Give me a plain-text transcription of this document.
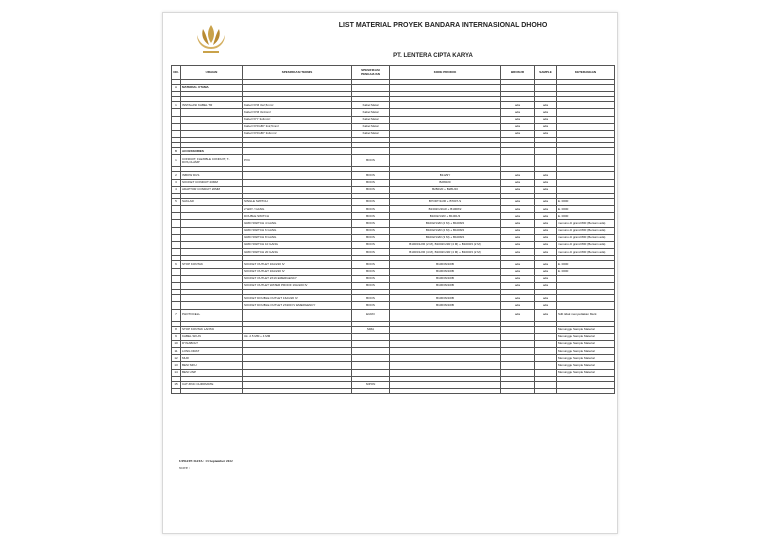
LIST MATERIAL PROYEK BANDARA INTERNASIONAL DHOHO
PT. LENTERA CIPTA KARYA
NO.	URAIAN	SPESIFIKASI TEKNIS	SPESIFIKASI PENGAJUAN	KODE PRODUK	BROSUR	SAMPLE	KETERANGAN

A	MATERIAL UTAMA						

1	INSTALASI KABEL TR	Kabel NYM 3x2,5mm²	Kabel Metal		ada	ada	
		Kabel NYM 3x4mm²	Kabel Metal		ada	ada	
		Kabel NYY 3x4mm²	Kabel Metal		ada	ada	
		Kabel NYFGBY 3x2,5mm²	Kabel Metal		ada	ada	
		Kabel NYFGBY 3x4mm²	Kabel Metal		ada	ada	

B	ACCESSORIES						
1	CONDUIT, FLEXIBLE CONDUIT, T-DOS,CLAMP	PVC	BOOS				

2	INBOW DUS		BOOS	B1129Y	ada	ada	
3	SOCKET CONDUIT 20MM		BOOS	B280/20	ada	ada	
4	ADAPTOR CONDUIT 20MM		BOOS	B280/20 + B281/20	ada	ada	

5	SAKLAR	SINGLE SWITCH	BOOS	B7ODT/1/2R + B7007-S	ada	ada	E. 0000
		2 WAY / GANG	BOOS	B1302/1/2GR + B1008/2	ada	ada	E. 0000
		DOUBLE SWITCH	BOOS	B1002/1/2R + B1001/3	ada	ada	E. 0000
		GRID SWITCH 4 GANG	BOOS	B1002/1/2R (2 M) + B1008/2	ada	ada	menunu di grand 800 (Bersam ada)
		GRID SWITCH 6 GANG	BOOS	B1002/1/2R (2 M) + B1008/2	ada	ada	menunu di grand 800 (Bersam ada)
		GRID SWITCH 8 GANG	BOOS	B1002/1/2R (3 M) + B1008/4	ada	ada	menunu di grand 800 (Bersam ada)
		GRID SWITCH 10 GANG	BOOS	B1003/1/2R (2 M), B1002/1/2R (4 M) + B1000/3 (2 M)	ada	ada	menunu di grand 800 (Bersam ada)
		GRID SWITCH 20 GANG	BOOS	B1003/1/2R (4 M), B1002/1/2R (4 M) + B1000/3 (2 M)	ada	ada	menunu di grand 800 (Bersam ada)

6	STOP KONTAK	SOCKET OUTLET 16A/220 IV	BOOS	B1063N/16IB	ada	ada	E. 0000
		SOCKET OUTLET 16A/220 IV	BOOS	B1063N/16IB	ada	ada	E. 0000
		SOCKET OUTLET 2X16 EMERGENCY	BOOS	B1063N/16IB	ada	ada	
		SOCKET OUTLET WATER PROOF 16A/220 IV	BOOS	B1063N/16IB	ada	ada	

		SOCKET DOUBLE OUTLET 16A/220 IV	BOOS	B1063N/16IB	ada	ada	
		SOCKET DOUBLE OUTLET 2X200 IV EMERGENCY	BOOS	B1063N/16IB	ada	ada	
7	PHOTOCELL		EURO		ada	ada	Sdlt tidak menyediakan Merk

8	STOP KONTAK LANTAI		SIMA				Menunggu Sample Material
9	KABEL SKUN	Uk. 2.5 MM + 4 MM					Menunggu Sample Material
10	DYNABOLT						Menunggu Sample Material
11	LONG DRAT						Menunggu Sample Material
12	MUR						Menunggu Sample Material
13	BESI SIKU						Menunggu Sample Material
14	BESI UNP						Menunggu Sample Material

15	CAT ZINC CHROMATE		NIPON				

UPDATE DATA : 13 September 2022
NOTE :
